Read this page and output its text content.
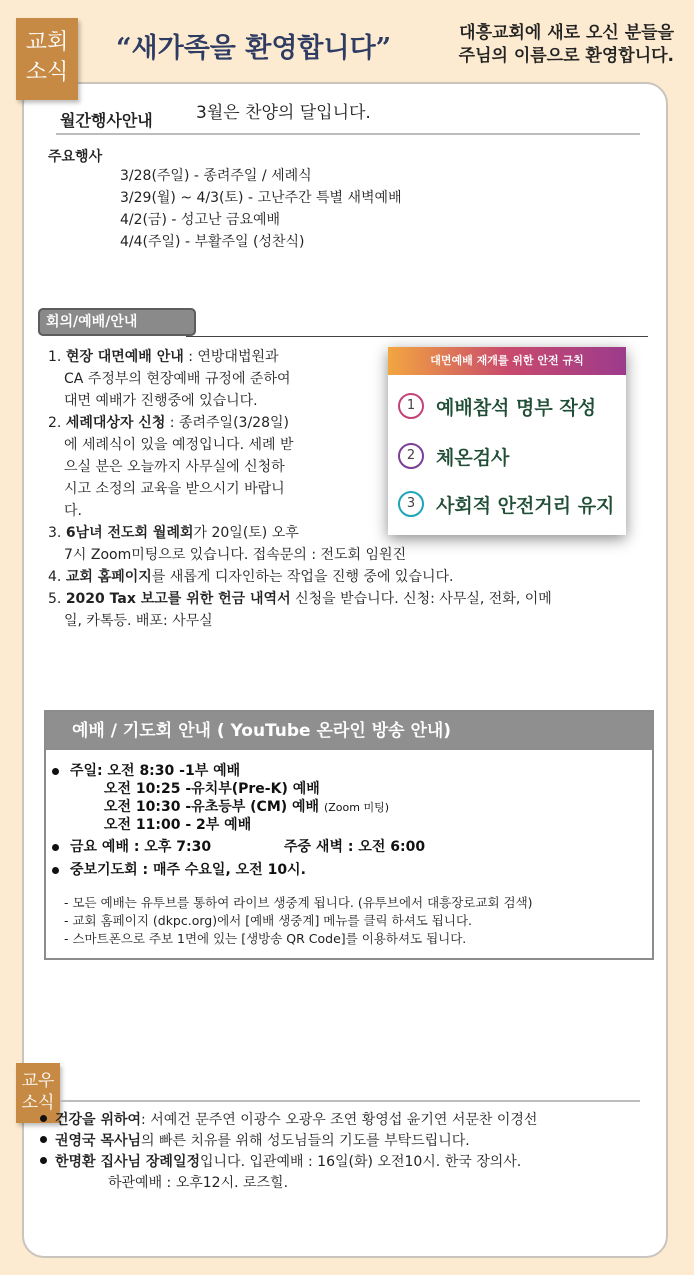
교회
소식
“새가족을 환영합니다”	대흥교회에 새로 오신 분들을
주님의 이름으로 환영합니다.
월간행사안내	3월은 찬양의 달입니다.
주요행사
3/28(주일) - 종려주일 / 세례식
3/29(월) ~ 4/3(토) - 고난주간 특별 새벽예배
4/2(금) - 성고난 금요예배
4/4(주일) - 부활주일 (성찬식)
회의/예배/안내
1. 현장 대면예배 안내 : 연방대법원과
CA 주정부의 현장예배 규정에 준하여
대면 예배가 진행중에 있습니다.
2. 세례대상자 신청 : 종려주일(3/28일)
에 세례식이 있을 예정입니다. 세례 받
으실 분은 오늘까지 사무실에 신청하
시고 소정의 교육을 받으시기 바랍니
다.
3. 6남녀 전도회 월례회가 20일(토) 오후
7시 Zoom미팅으로 있습니다. 접속문의 : 전도회 임원진
4. 교회 홈페이지를 새롭게 디자인하는 작업을 진행 중에 있습니다.
5. 2020 Tax 보고를 위한 헌금 내역서 신청을 받습니다. 신청: 사무실, 전화, 이메
일, 카톡등. 배포: 사무실
대면예배 재개를 위한 안전 규칙
1	예배참석 명부 작성
2	체온검사
3	사회적 안전거리 유지
예배 / 기도회 안내 ( YouTube 온라인 방송 안내)
주일: 오전 8:30 -1부 예배
오전 10:25 -유치부(Pre-K) 예배
오전 10:30 -유초등부 (CM) 예배 (Zoom 미팅)
오전 11:00 - 2부 예배
금요 예배 : 오후 7:30	주중 새벽 : 오전 6:00
중보기도회 : 매주 수요일, 오전 10시.
- 모든 예배는 유투브를 통하여 라이브 생중계 됩니다. (유투브에서 대흥장로교회 검색)
- 교회 홈페이지 (dkpc.org)에서 [예배 생중계] 메뉴를 클릭 하셔도 됩니다.
- 스마트폰으로 주보 1면에 있는 [생방송 QR Code]를 이용하셔도 됩니다.
교우
소식
건강을 위하여: 서예건 문주연 이광수 오광우 조연 황영섭 윤기연 서문찬 이경선
권영국 목사님의 빠른 치유를 위해 성도님들의 기도를 부탁드립니다.
한명환 집사님 장례일정입니다. 입관예배 : 16일(화) 오전10시. 한국 장의사.
하관예배 : 오후12시. 로즈힐.
